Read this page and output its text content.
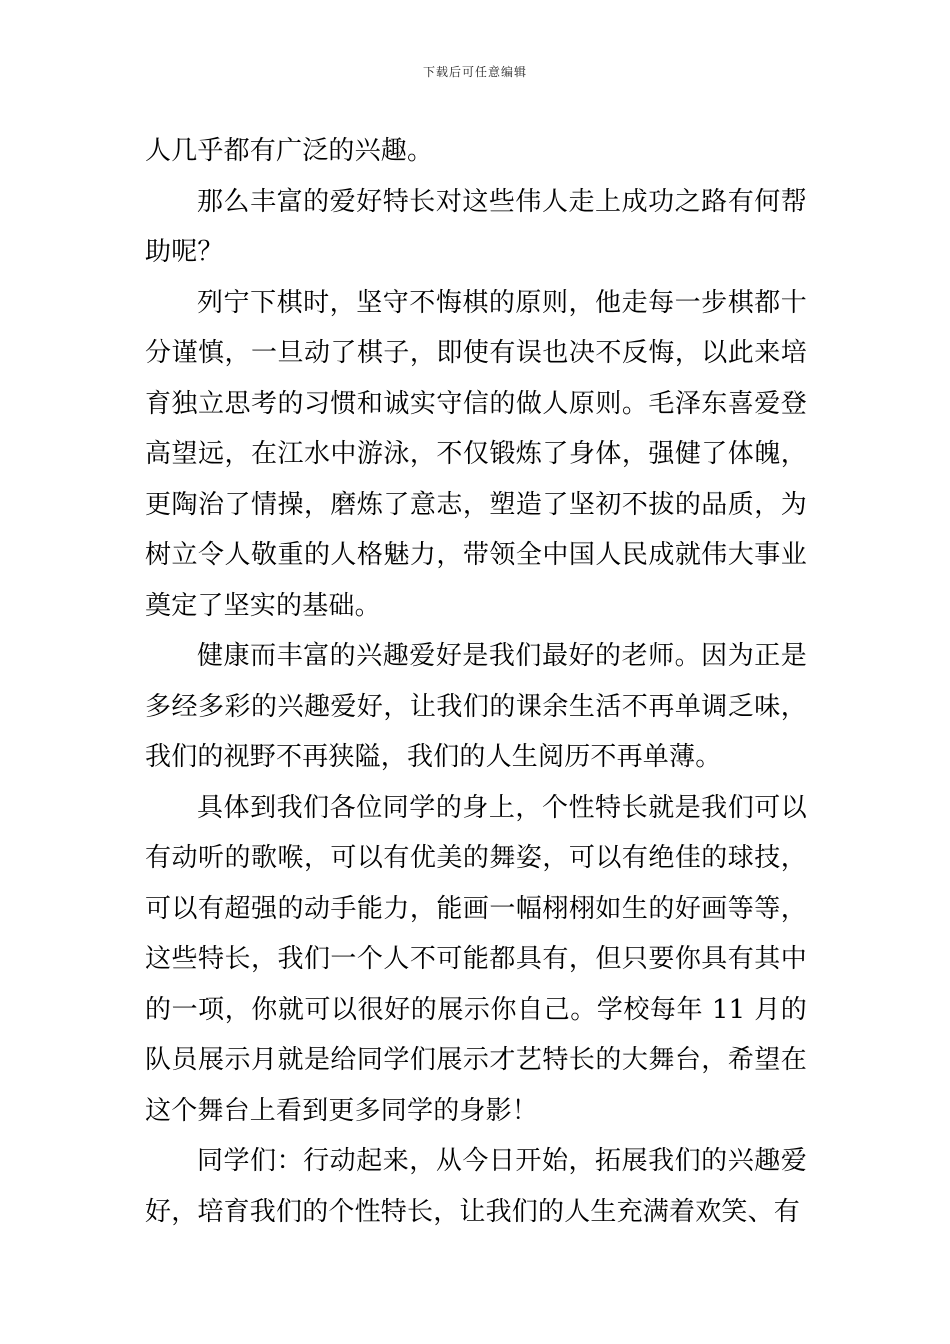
下载后可任意编辑

人几乎都有广泛的兴趣。

那么丰富的爱好特长对这些伟人走上成功之路有何帮助呢？

列宁下棋时，坚守不悔棋的原则，他走每一步棋都十分谨慎，一旦动了棋子，即使有误也决不反悔，以此来培育独立思考的习惯和诚实守信的做人原则。毛泽东喜爱登高望远，在江水中游泳，不仅锻炼了身体，强健了体魄，更陶治了情操，磨炼了意志，塑造了坚初不拔的品质，为树立令人敬重的人格魅力，带领全中国人民成就伟大事业奠定了坚实的基础。

健康而丰富的兴趣爱好是我们最好的老师。因为正是多经多彩的兴趣爱好，让我们的课余生活不再单调乏味，我们的视野不再狭隘，我们的人生阅历不再单薄。

具体到我们各位同学的身上，个性特长就是我们可以有动听的歌喉，可以有优美的舞姿，可以有绝佳的球技，可以有超强的动手能力，能画一幅栩栩如生的好画等等，这些特长，我们一个人不可能都具有，但只要你具有其中的一项，你就可以很好的展示你自己。学校每年 11 月的队员展示月就是给同学们展示才艺特长的大舞台，希望在这个舞台上看到更多同学的身影！

同学们：行动起来，从今日开始，拓展我们的兴趣爱好，培育我们的个性特长，让我们的人生充满着欢笑、有
